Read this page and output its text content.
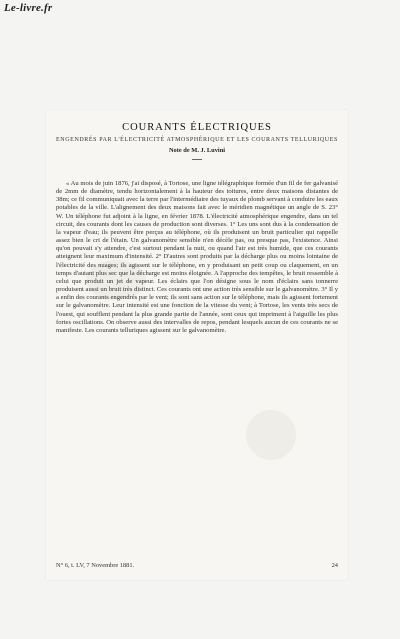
Le-livre.fr
COURANTS ÉLECTRIQUES
ENGENDRÉS PAR L'ÉLECTRICITÉ ATMOSPHÉRIQUE ET LES COURANTS TELLURIQUES
Note de M. J. Luvini

« Au mois de juin 1876, j'ai disposé, à Tortose, une ligne télégraphique formée d'un fil de fer galvanisé de 2mm de diamètre, tendu horizontalement à la hauteur des toitures, entre deux maisons distantes de 38m; ce fil communiquait avec la terre par l'intermédiaire des tuyaux de plomb servant à conduire les eaux potables de la ville. L'alignement des deux maisons fait avec le méridien magnétique un angle de S. 23° W. Un téléphone fut adjoint à la ligne, en février 1878. L'électricité atmosphérique engendre, dans un tel circuit, des courants dont les causes de production sont diverses. 1° Les uns sont dus à la condensation de la vapeur d'eau; ils peuvent être perçus au téléphone, où ils produisent un bruit particulier qui rappelle assez bien le cri de l'étain. Un galvanomètre sensible n'en décèle pas, ou presque pas, l'existence. Ainsi qu'on pouvait s'y attendre, c'est surtout pendant la nuit, ou quand l'air est très humide, que ces courants atteignent leur maximum d'intensité. 2° D'autres sont produits par la décharge plus ou moins lointaine de l'électricité des nuages; ils agissent sur le téléphone, en y produisant un petit coup ou claquement, en un temps d'autant plus sec que la décharge est moins éloignée. A l'approche des tempêtes, le bruit ressemble à celui que produit un jet de vapeur. Les éclairs que l'on désigne sous le nom d'éclairs sans tonnerre produisent aussi un bruit très distinct. Ces courants ont une action très sensible sur le galvanomètre. 3° Il y a enfin des courants engendrés par le vent; ils sont sans action sur le téléphone, mais ils agissent fortement sur le galvanomètre. Leur intensité est une fonction de la vitesse du vent; à Tortose, les vents très secs de l'ouest, qui soufflent pendant la plus grande partie de l'année, sont ceux qui impriment à l'aiguille les plus fortes oscillations. On observe aussi des intervalles de repos, pendant lesquels aucun de ces courants ne se manifeste. Les courants telluriques agissent sur le galvanomètre.

N° 6, t. LV, 7 Novembre 1881.	24
